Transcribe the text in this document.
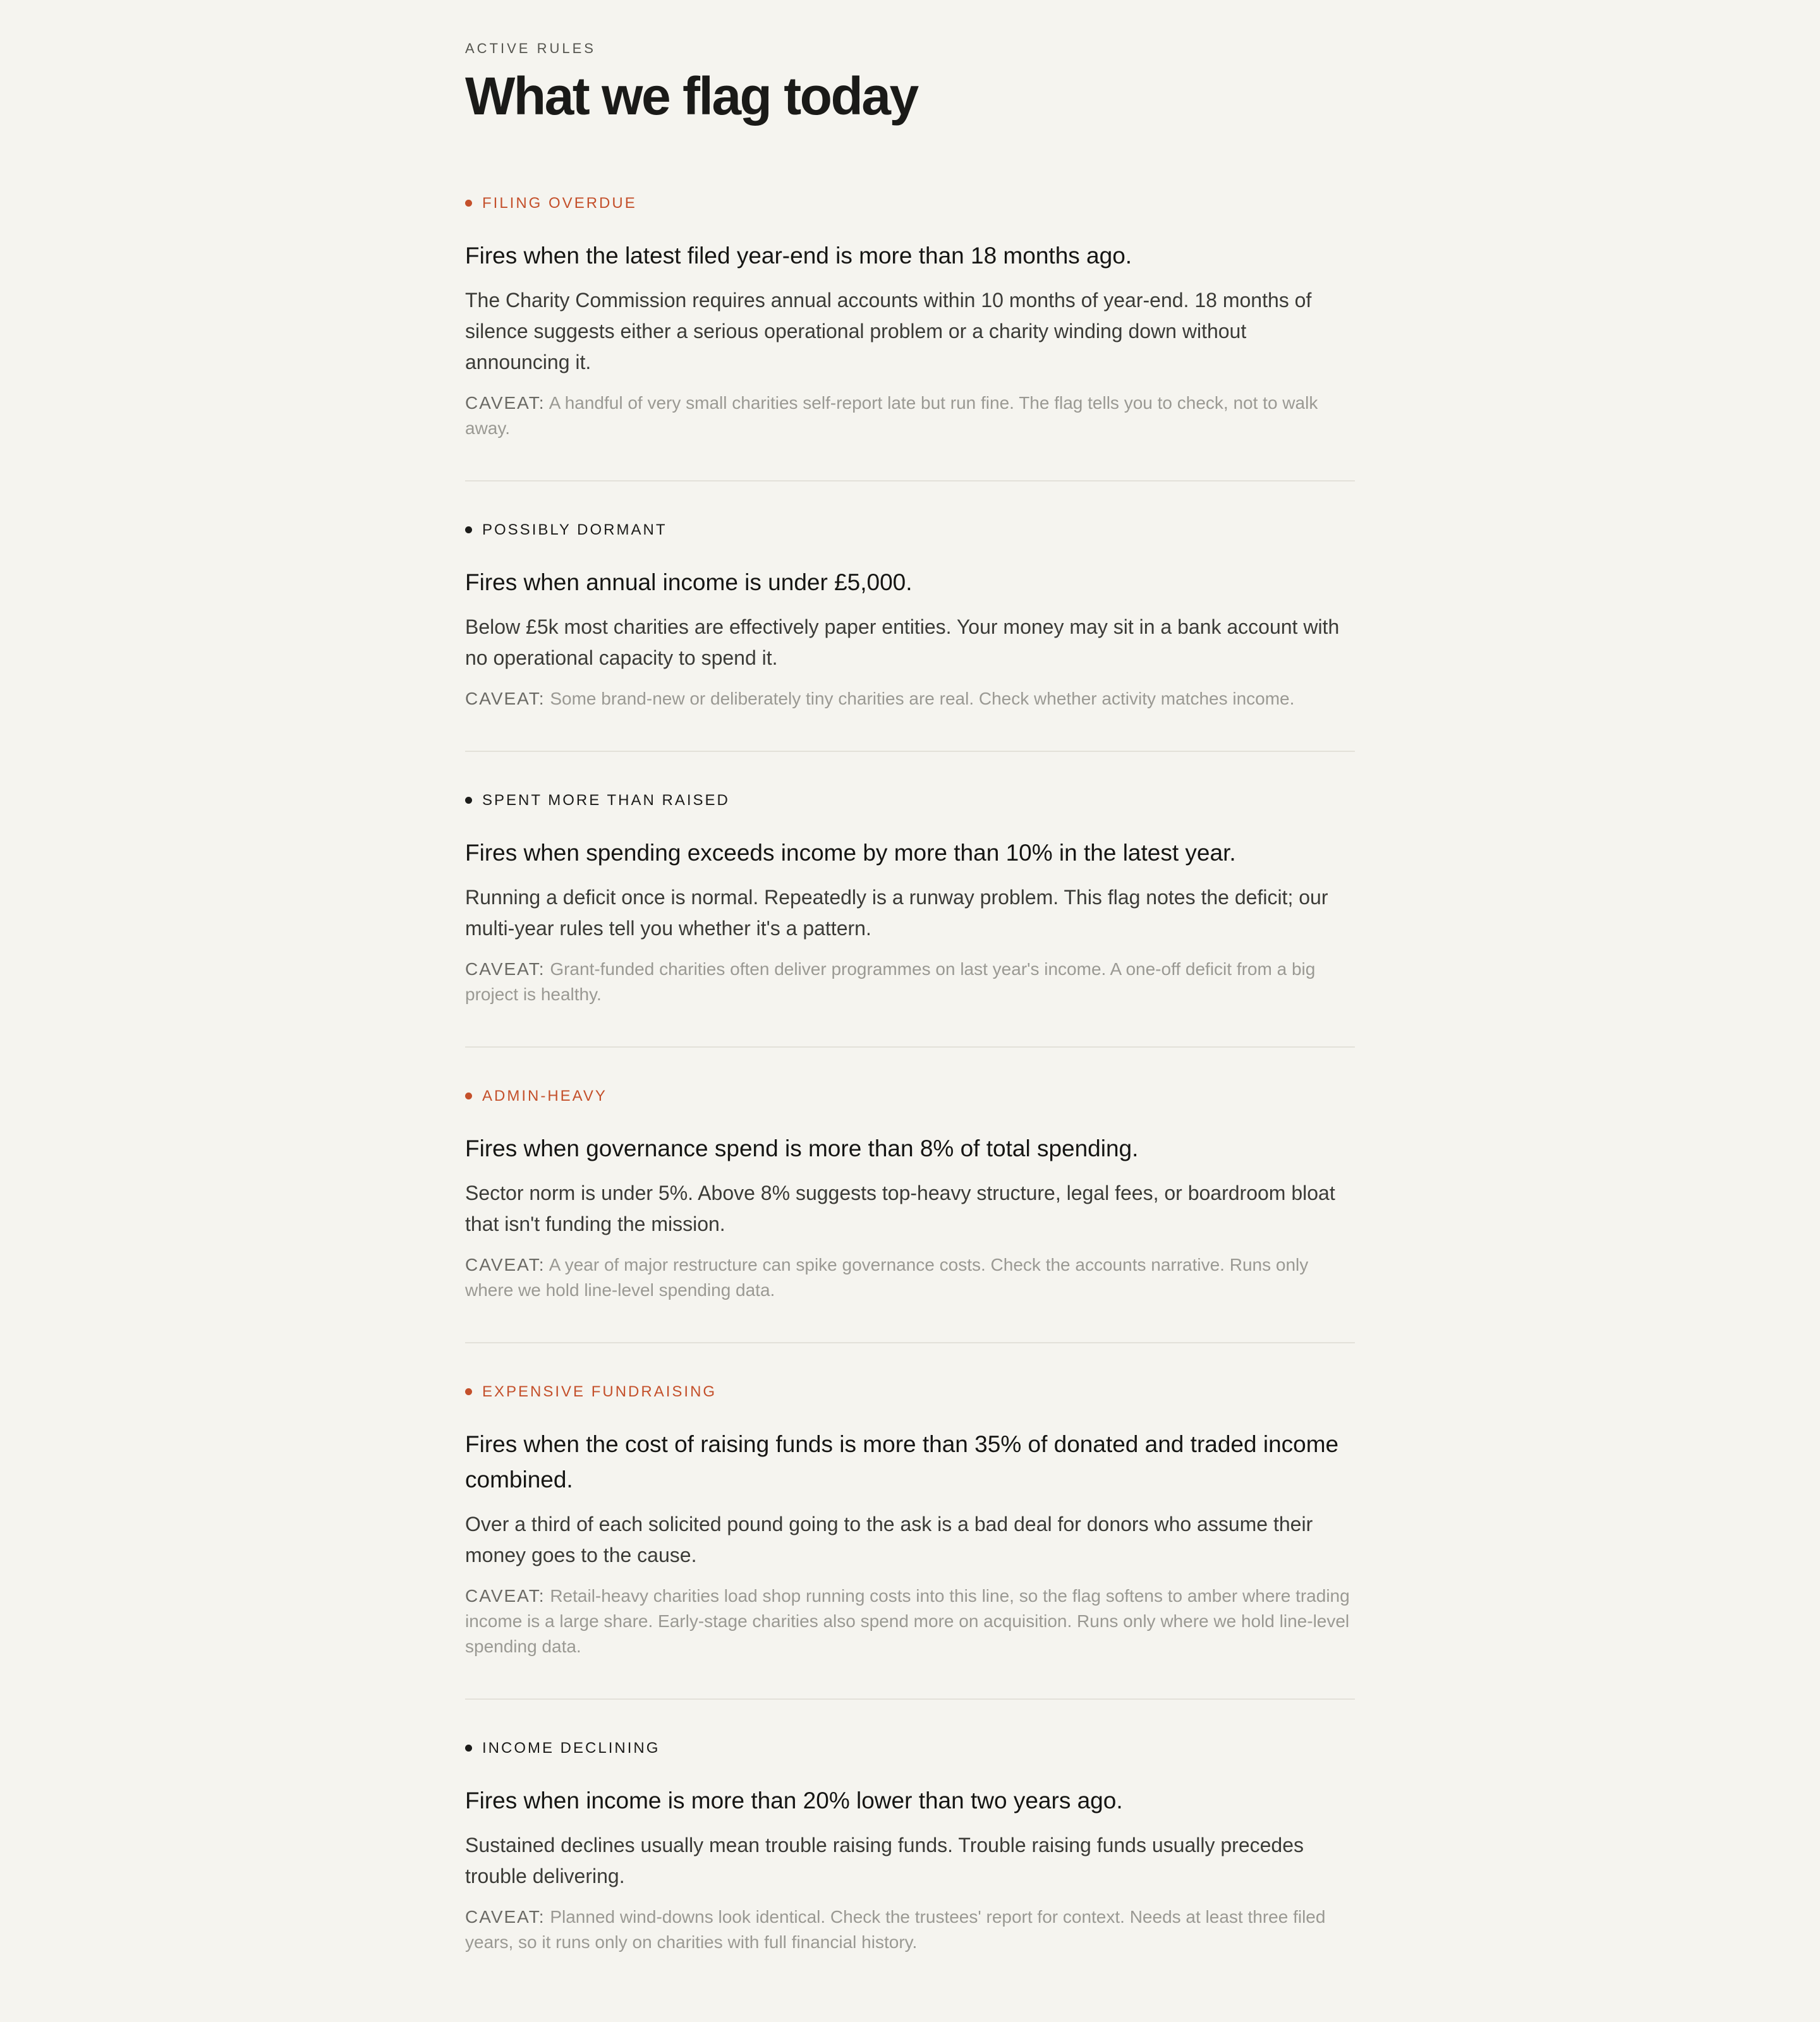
ACTIVE RULES
What we flag today
FILING OVERDUE
Fires when the latest filed year-end is more than 18 months ago.
The Charity Commission requires annual accounts within 10 months of year-end. 18 months of silence suggests either a serious operational problem or a charity winding down without announcing it.
CAVEAT: A handful of very small charities self-report late but run fine. The flag tells you to check, not to walk away.
POSSIBLY DORMANT
Fires when annual income is under £5,000.
Below £5k most charities are effectively paper entities. Your money may sit in a bank account with no operational capacity to spend it.
CAVEAT: Some brand-new or deliberately tiny charities are real. Check whether activity matches income.
SPENT MORE THAN RAISED
Fires when spending exceeds income by more than 10% in the latest year.
Running a deficit once is normal. Repeatedly is a runway problem. This flag notes the deficit; our multi-year rules tell you whether it's a pattern.
CAVEAT: Grant-funded charities often deliver programmes on last year's income. A one-off deficit from a big project is healthy.
ADMIN-HEAVY
Fires when governance spend is more than 8% of total spending.
Sector norm is under 5%. Above 8% suggests top-heavy structure, legal fees, or boardroom bloat that isn't funding the mission.
CAVEAT: A year of major restructure can spike governance costs. Check the accounts narrative. Runs only where we hold line-level spending data.
EXPENSIVE FUNDRAISING
Fires when the cost of raising funds is more than 35% of donated and traded income combined.
Over a third of each solicited pound going to the ask is a bad deal for donors who assume their money goes to the cause.
CAVEAT: Retail-heavy charities load shop running costs into this line, so the flag softens to amber where trading income is a large share. Early-stage charities also spend more on acquisition. Runs only where we hold line-level spending data.
INCOME DECLINING
Fires when income is more than 20% lower than two years ago.
Sustained declines usually mean trouble raising funds. Trouble raising funds usually precedes trouble delivering.
CAVEAT: Planned wind-downs look identical. Check the trustees' report for context. Needs at least three filed years, so it runs only on charities with full financial history.
